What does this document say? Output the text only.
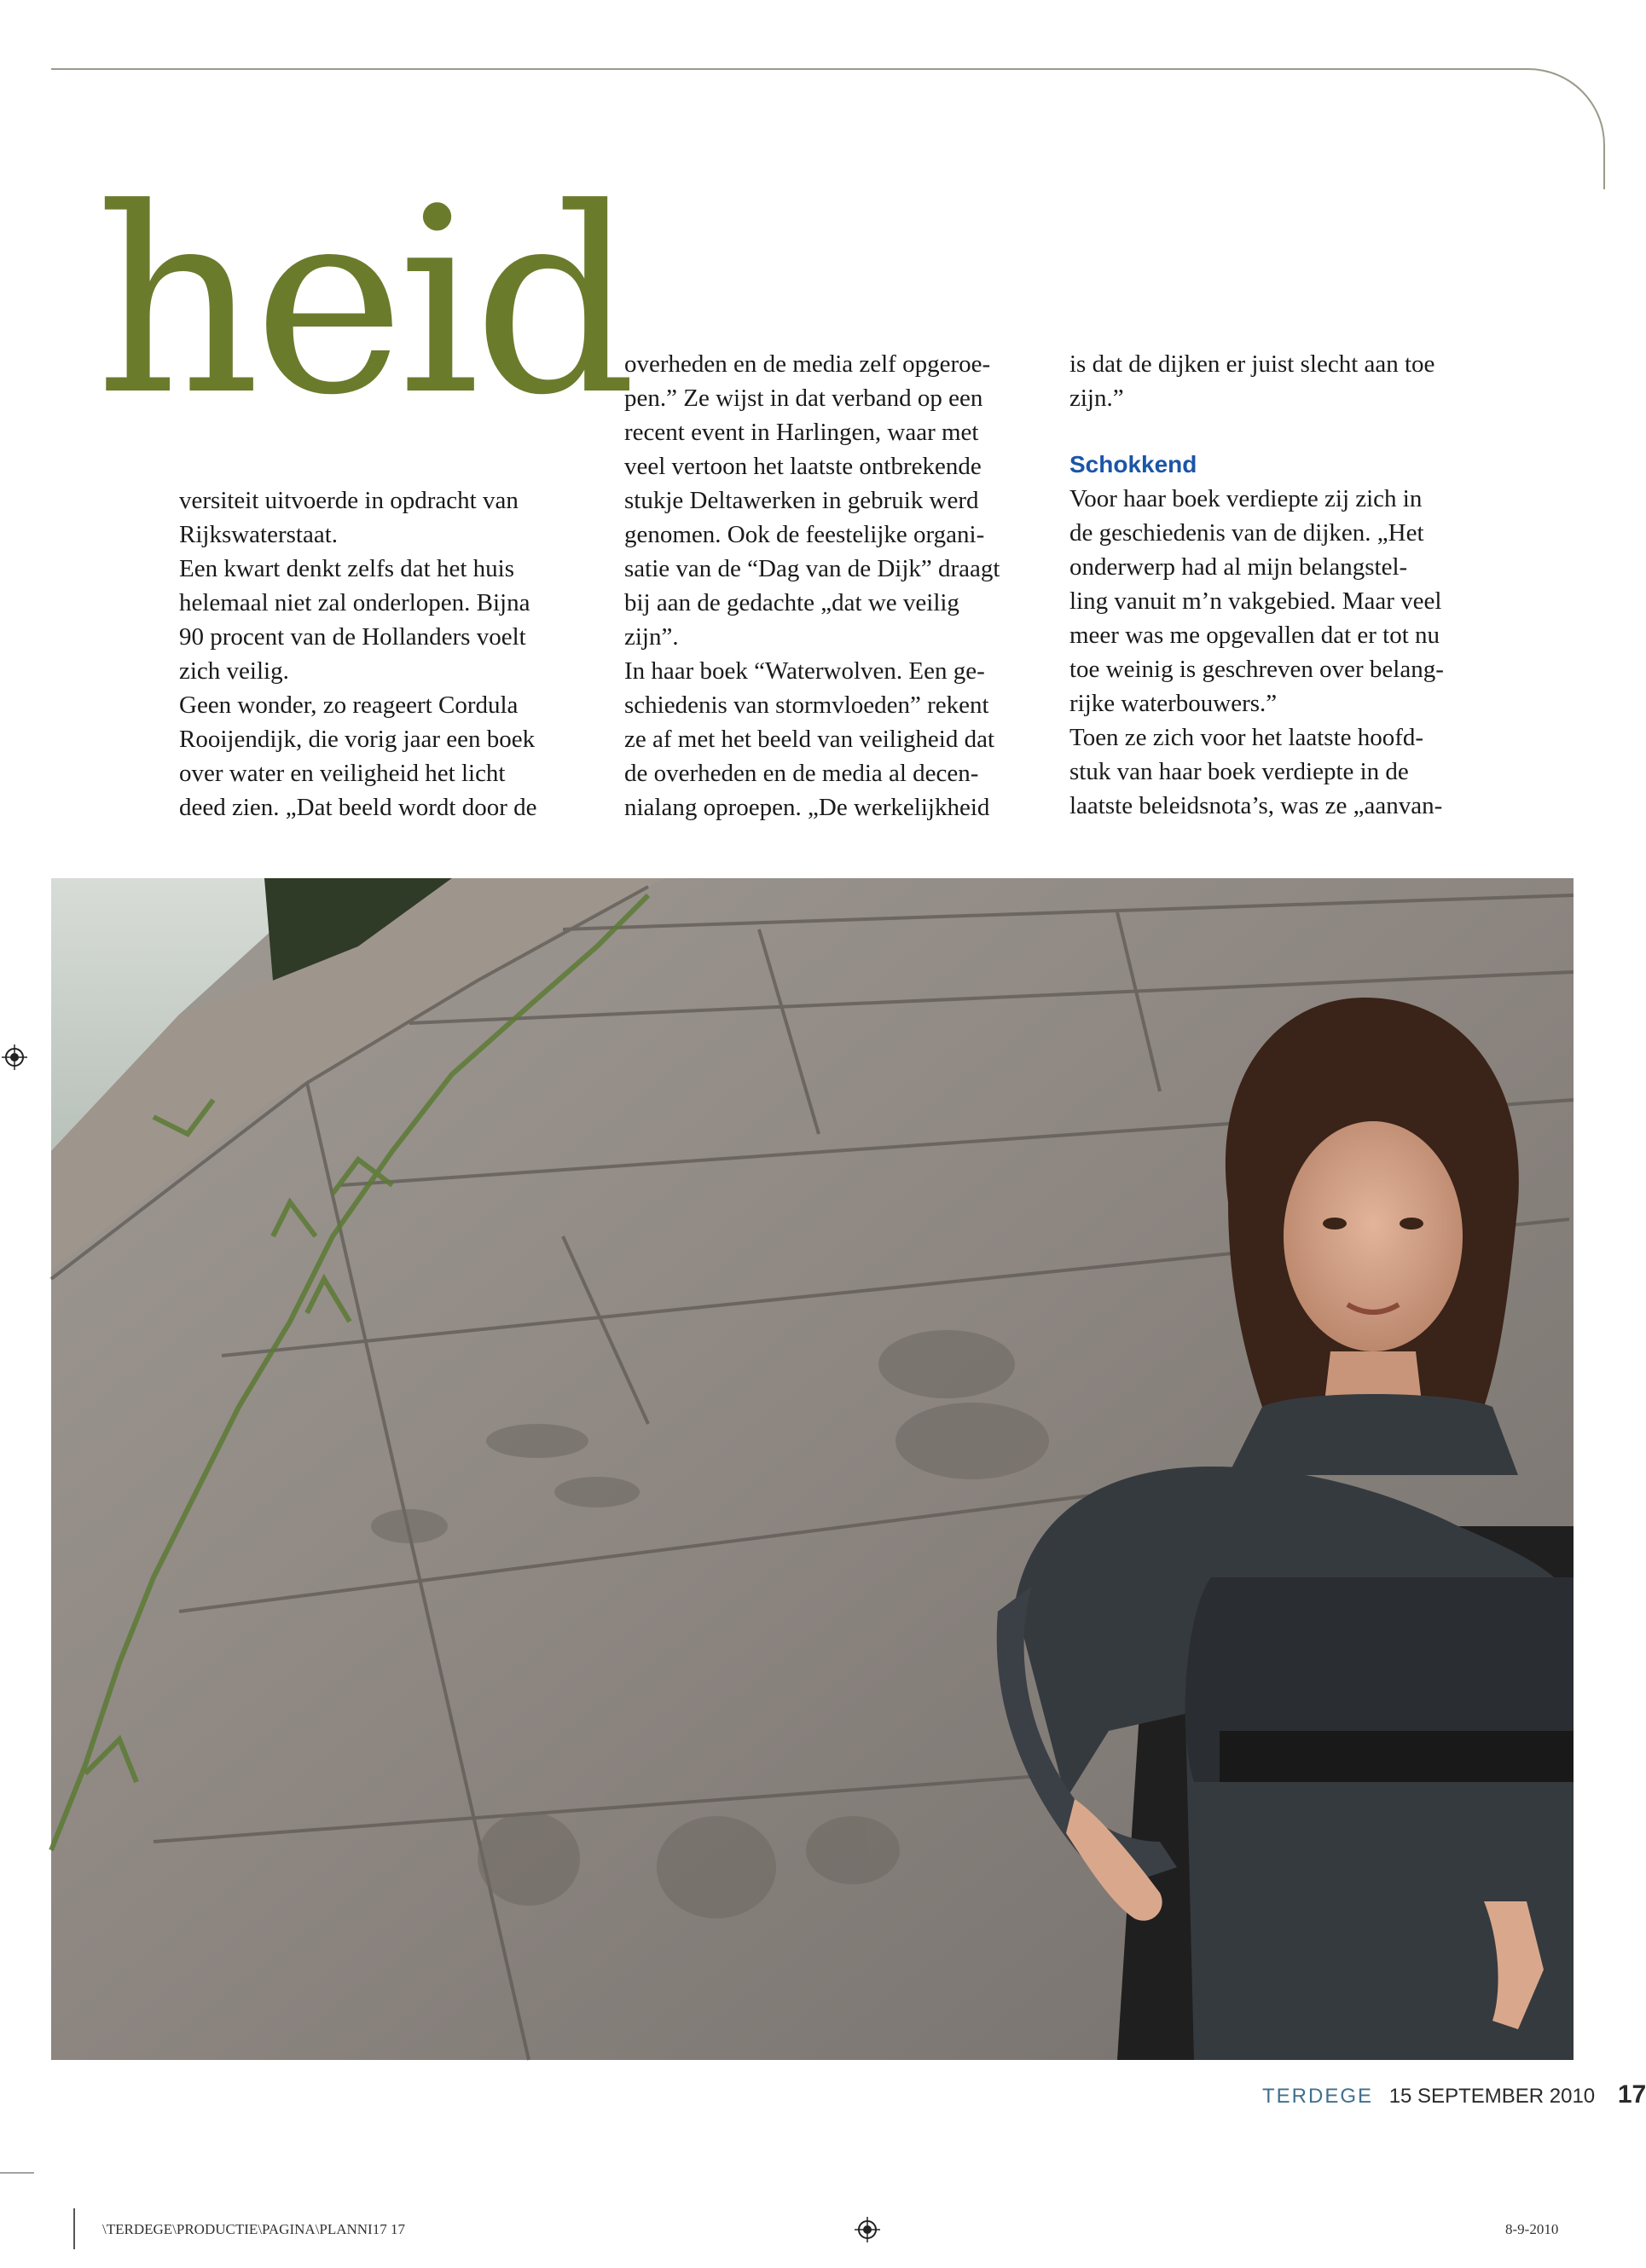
heid

versiteit uitvoerde in opdracht van

Rijkswaterstaat.

Een kwart denkt zelfs dat het huis

helemaal niet zal onderlopen. Bijna

90 procent van de Hollanders voelt

zich veilig.

Geen wonder, zo reageert Cordula

Rooijendijk, die vorig jaar een boek

over water en veiligheid het licht

deed zien. „Dat beeld wordt door de

overheden en de media zelf opgeroe-

pen.” Ze wijst in dat verband op een

recent event in Harlingen, waar met

veel vertoon het laatste ontbrekende

stukje Deltawerken in gebruik werd

genomen. Ook de feestelijke organi-

satie van de “Dag van de Dijk” draagt

bij aan de gedachte „dat we veilig

zijn”.

In haar boek “Waterwolven. Een ge-

schiedenis van stormvloeden” rekent

ze af met het beeld van veiligheid dat

de overheden en de media al decen-

nialang oproepen. „De werkelijkheid

is dat de dijken er juist slecht aan toe

zijn.”

Schokkend

Voor haar boek verdiepte zij zich in

de geschiedenis van de dijken. „Het

onderwerp had al mijn belangstel-

ling vanuit m’n vakgebied. Maar veel

meer was me opgevallen dat er tot nu

toe weinig is geschreven over belang-

rijke waterbouwers.”

Toen ze zich voor het laatste hoofd-

stuk van haar boek verdiepte in de

laatste beleidsnota’s, was ze „aanvan-

TERDEGE 15 SEPTEMBER 2010 17
\TERDEGE\PRODUCTIE\PAGINA\PLANNI17 17	8-9-2010
